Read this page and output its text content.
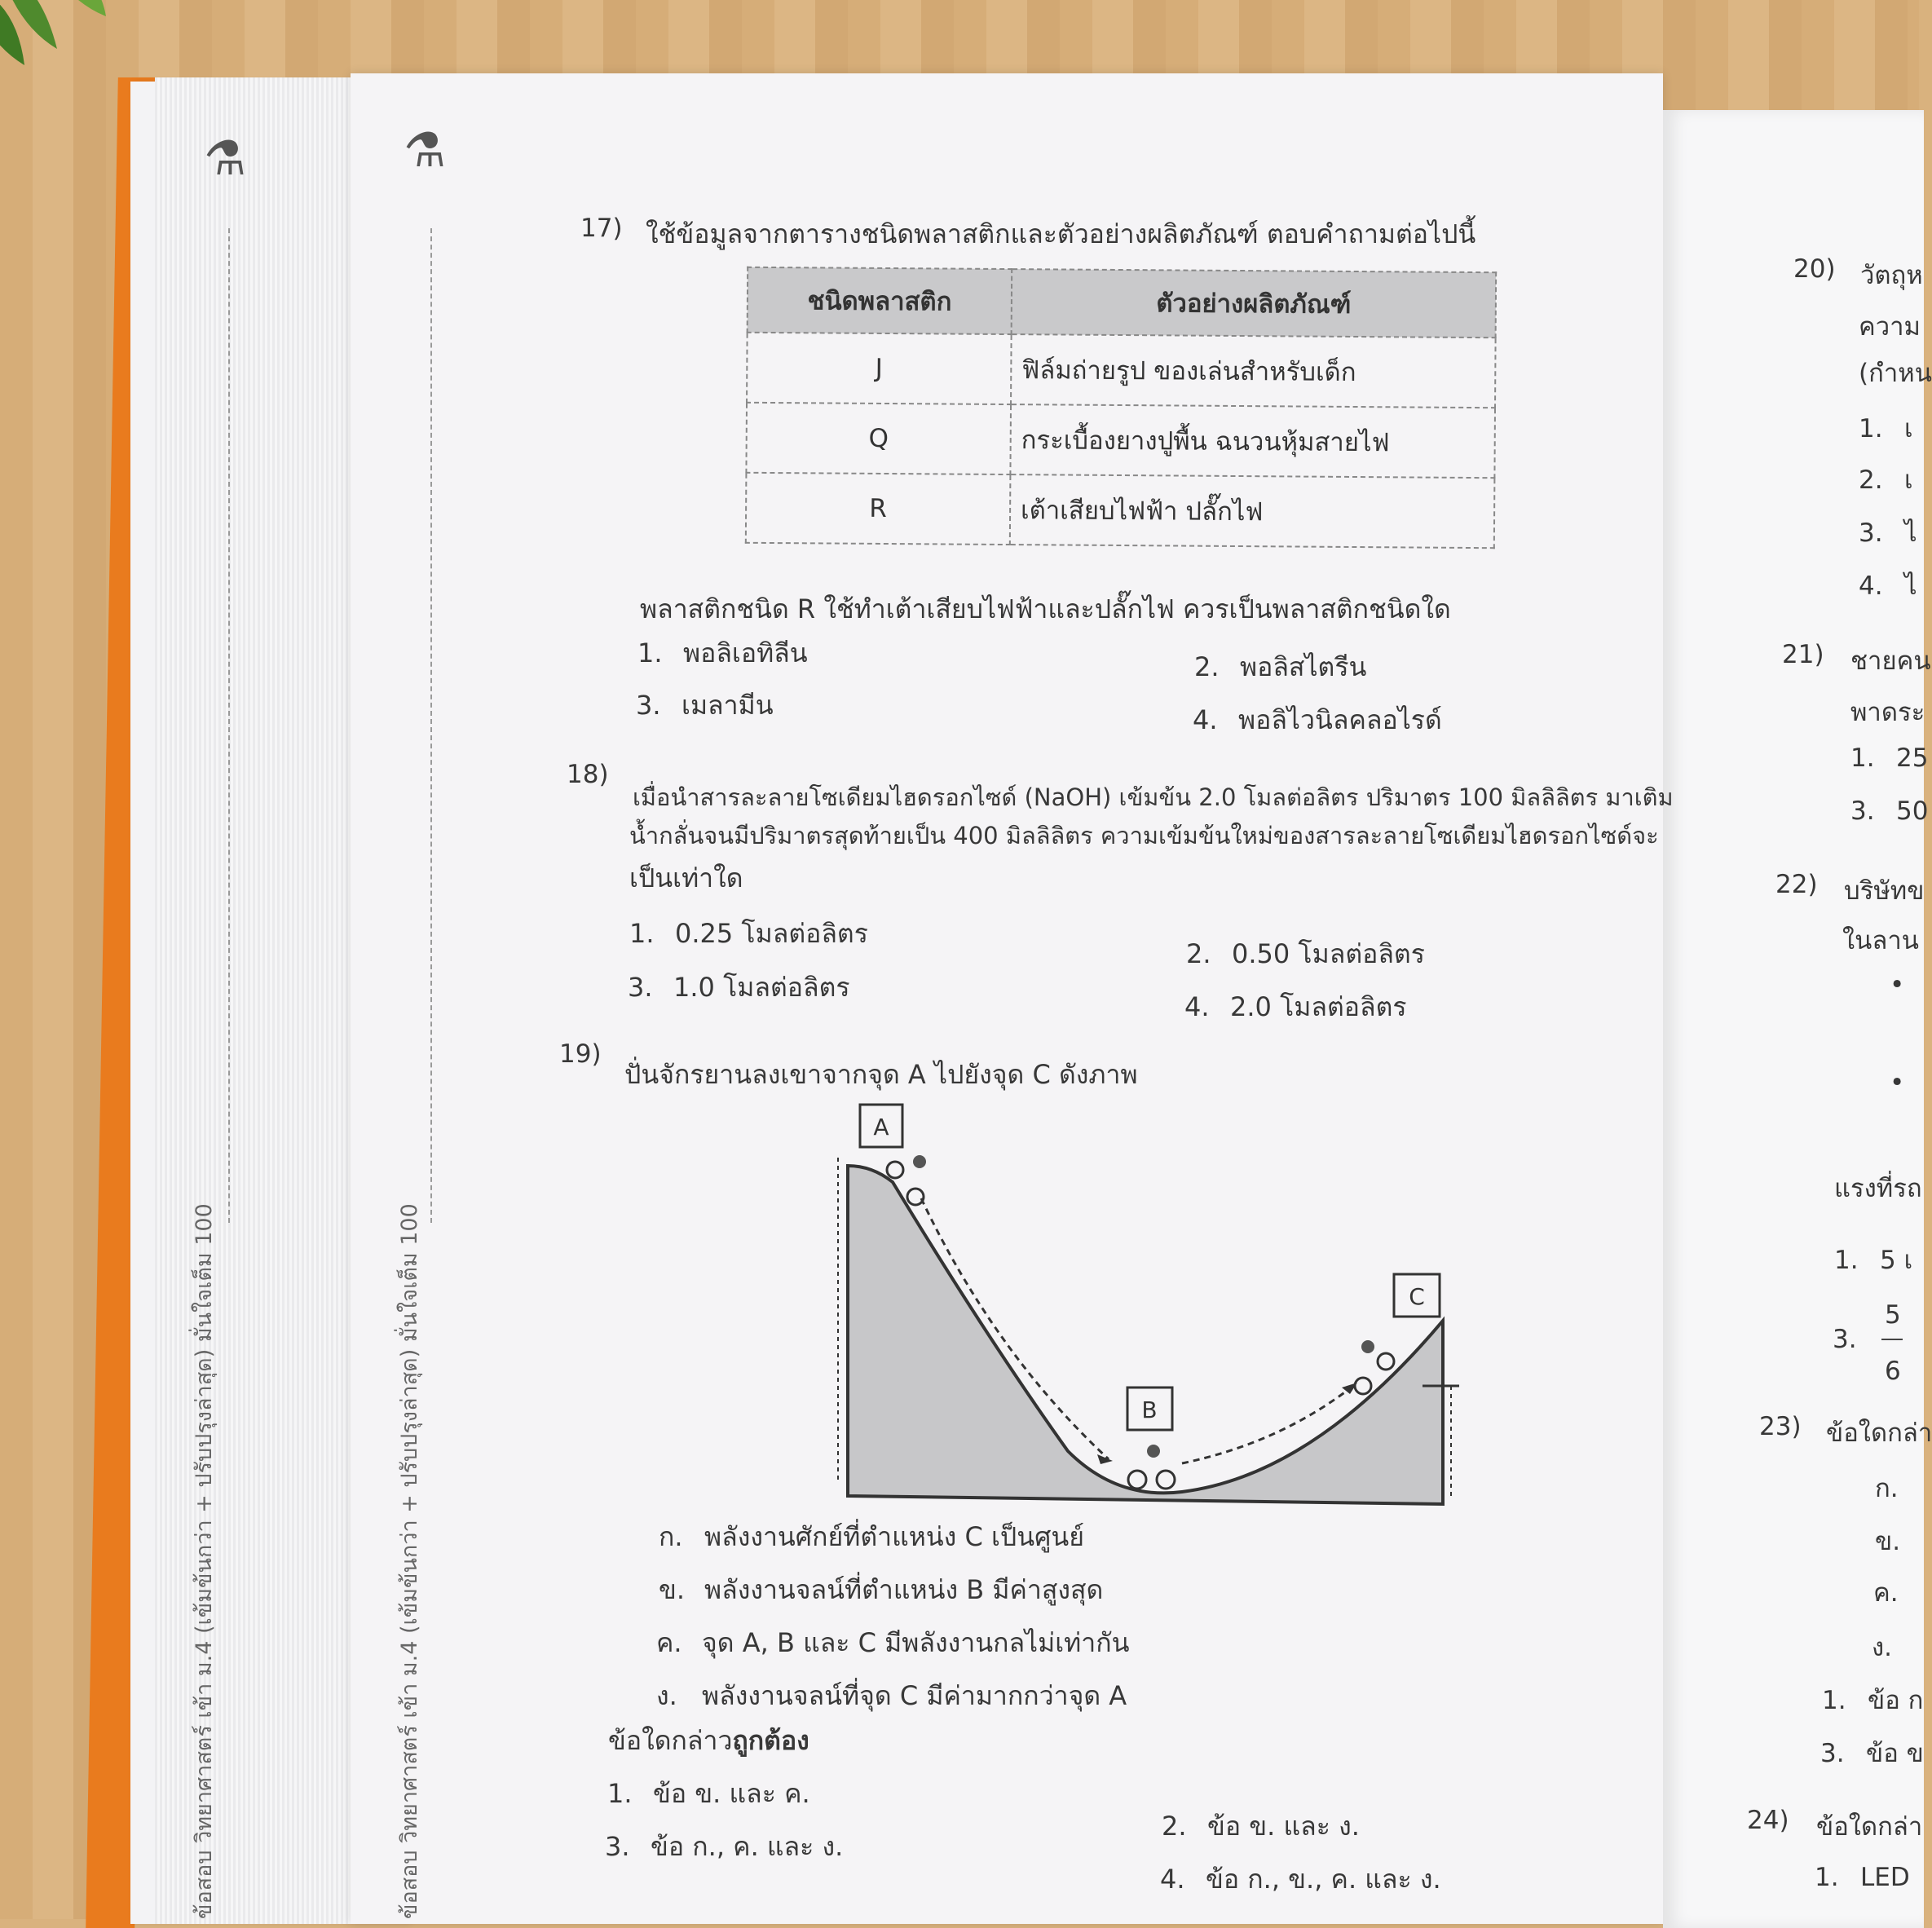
⚗	⚗
ข้อสอบ วิทยาศาสตร์ เข้า ม.4 (เข้มข้นกว่า + ปรับปรุงล่าสุด) มั่นใจเต็ม 100	ข้อสอบ วิทยาศาสตร์ เข้า ม.4 (เข้มข้นกว่า + ปรับปรุงล่าสุด) มั่นใจเต็ม 100
17) ใช้ข้อมูลจากตารางชนิดพลาสติกและตัวอย่างผลิตภัณฑ์ ตอบคำถามต่อไปนี้
ชนิดพลาสติก	ตัวอย่างผลิตภัณฑ์
J	ฟิล์มถ่ายรูป ของเล่นสำหรับเด็ก
Q	กระเบื้องยางปูพื้น ฉนวนหุ้มสายไฟ
R	เต้าเสียบไฟฟ้า ปลั๊กไฟ
พลาสติกชนิด R ใช้ทำเต้าเสียบไฟฟ้าและปลั๊กไฟ ควรเป็นพลาสติกชนิดใด
1. พอลิเอทิลีน	2. พอลิสไตรีน
3. เมลามีน	4. พอลิไวนิลคลอไรด์
18)
เมื่อนำสารละลายโซเดียมไฮดรอกไซด์ (NaOH) เข้มข้น 2.0 โมลต่อลิตร ปริมาตร 100 มิลลิลิตร มาเติม
น้ำกลั่นจนมีปริมาตรสุดท้ายเป็น 400 มิลลิลิตร ความเข้มข้นใหม่ของสารละลายโซเดียมไฮดรอกไซด์จะ
เป็นเท่าใด
1. 0.25 โมลต่อลิตร
2. 0.50 โมลต่อลิตร
3. 1.0 โมลต่อลิตร
4. 2.0 โมลต่อลิตร
19)
ปั่นจักรยานลงเขาจากจุด A ไปยังจุด C ดังภาพ
A
B
C
ก. พลังงานศักย์ที่ตำแหน่ง C เป็นศูนย์
ข. พลังงานจลน์ที่ตำแหน่ง B มีค่าสูงสุด
ค. จุด A, B และ C มีพลังงานกลไม่เท่ากัน
ง. พลังงานจลน์ที่จุด C มีค่ามากกว่าจุด A
ข้อใดกล่าวถูกต้อง
1. ข้อ ข. และ ค.
2. ข้อ ข. และ ง.
3. ข้อ ก., ค. และ ง.
4. ข้อ ก., ข., ค. และ ง.
20) วัตถุห
ความ
(กำหน
1. เ
2. เ
3. ไ
4. ไ
21) ชายคน
พาดระ
1. 25
3. 50
22) บริษัทข
ในลาน
•
•
แรงที่รถ
1. 5 เ
3.
5
6
23) ข้อใดกล่า
ก.
ข.
ค.
ง.
1. ข้อ ก
3. ข้อ ข
24) ข้อใดกล่า
1. LED
